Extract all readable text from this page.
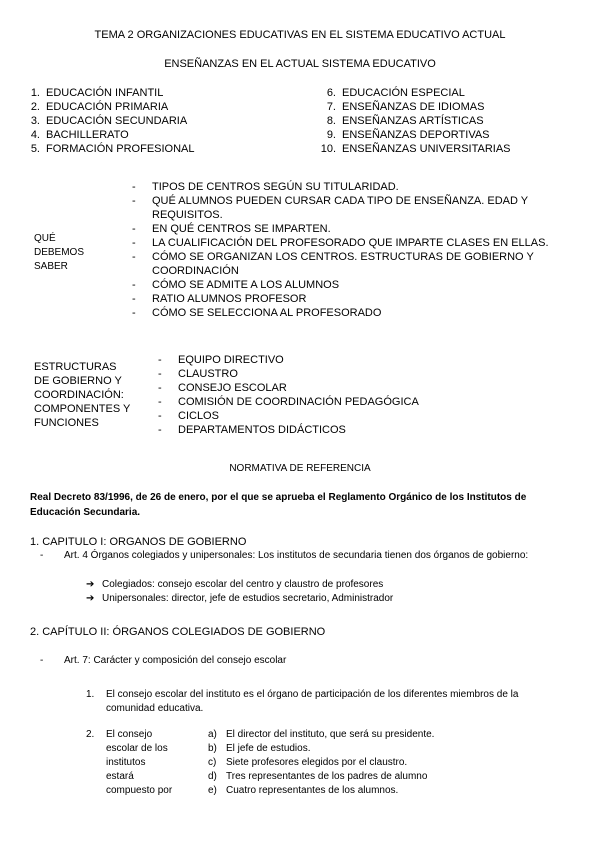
TEMA 2 ORGANIZACIONES EDUCATIVAS EN EL SISTEMA EDUCATIVO ACTUAL
ENSEÑANZAS EN EL ACTUAL SISTEMA EDUCATIVO
1. EDUCACIÓN INFANTIL
2. EDUCACIÓN PRIMARIA
3. EDUCACIÓN SECUNDARIA
4. BACHILLERATO
5. FORMACIÓN PROFESIONAL
6. EDUCACIÓN ESPECIAL
7. ENSEÑANZAS DE IDIOMAS
8. ENSEÑANZAS ARTÍSTICAS
9. ENSEÑANZAS DEPORTIVAS
10. ENSEÑANZAS UNIVERSITARIAS
QUÉ
DEBEMOS
SABER
-	TIPOS DE CENTROS SEGÚN SU TITULARIDAD.
-	QUÉ ALUMNOS PUEDEN CURSAR CADA TIPO DE ENSEÑANZA. EDAD Y REQUISITOS.
-	EN QUÉ CENTROS SE IMPARTEN.
-	LA CUALIFICACIÓN DEL PROFESORADO QUE IMPARTE CLASES EN ELLAS.
-	CÓMO SE ORGANIZAN LOS CENTROS. ESTRUCTURAS DE GOBIERNO Y COORDINACIÓN
-	CÓMO SE ADMITE A LOS ALUMNOS
-	RATIO ALUMNOS PROFESOR
-	CÓMO SE SELECCIONA AL PROFESORADO
ESTRUCTURAS
DE GOBIERNO Y
COORDINACIÓN:
COMPONENTES Y
FUNCIONES
-	EQUIPO DIRECTIVO
-	CLAUSTRO
-	CONSEJO ESCOLAR
-	COMISIÓN DE COORDINACIÓN PEDAGÓGICA
-	CICLOS
-	DEPARTAMENTOS DIDÁCTICOS
NORMATIVA DE REFERENCIA
Real Decreto 83/1996, de 26 de enero, por el que se aprueba el Reglamento Orgánico de los Institutos de Educación Secundaria.
1. CAPITULO I: ORGANOS DE GOBIERNO
-	Art. 4 Órganos colegiados y unipersonales: Los institutos de secundaria tienen dos órganos de gobierno:
➔ Colegiados: consejo escolar del centro y claustro de profesores
➔ Unipersonales: director, jefe de estudios secretario, Administrador
2. CAPÍTULO II: ÓRGANOS COLEGIADOS DE GOBIERNO
-	Art. 7: Carácter y composición del consejo escolar
1.	El consejo escolar del instituto es el órgano de participación de los diferentes miembros de la comunidad educativa.
2.	El consejo
escolar de los
institutos
estará
compuesto por
a) El director del instituto, que será su presidente.
b) El jefe de estudios.
c) Siete profesores elegidos por el claustro.
d) Tres representantes de los padres de alumno
e) Cuatro representantes de los alumnos.
